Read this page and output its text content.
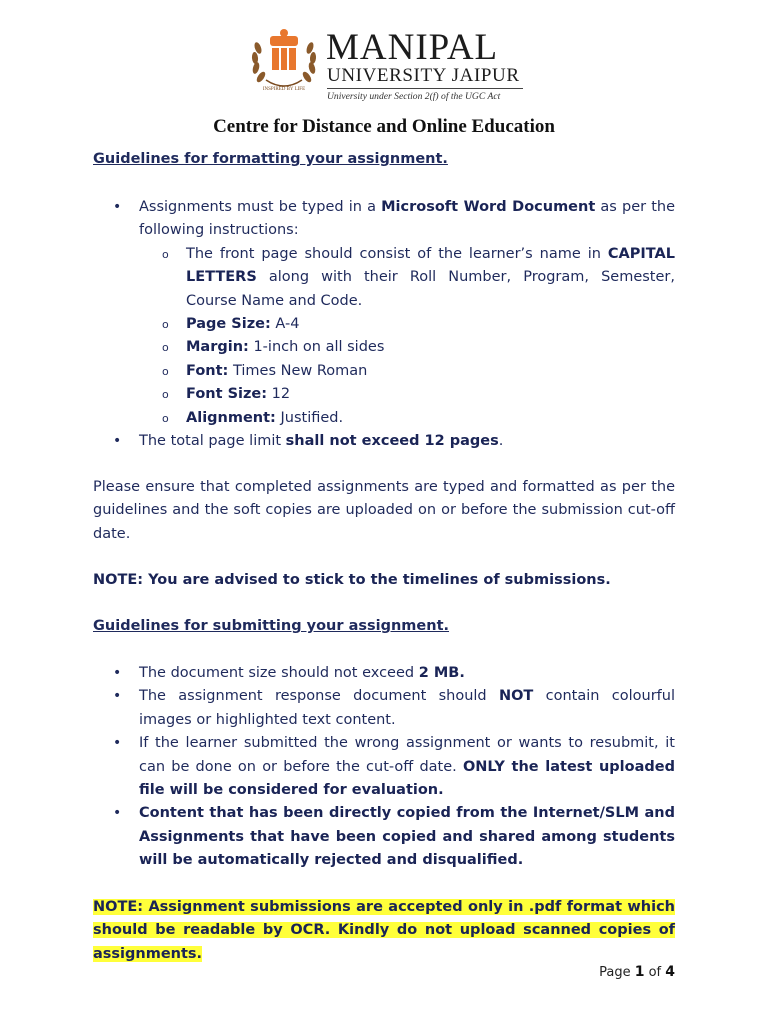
INSPIRED BY LIFE
MANIPAL
UNIVERSITY JAIPUR
University under Section 2(f) of the UGC Act
Centre for Distance and Online Education
Guidelines for formatting your assignment.
• Assignments must be typed in a Microsoft Word Document as per the following instructions:
o The front page should consist of the learner’s name in CAPITAL LETTERS along with their Roll Number, Program, Semester, Course Name and Code.
o Page Size: A-4
o Margin: 1-inch on all sides
o Font: Times New Roman
o Font Size: 12
o Alignment: Justified.
• The total page limit shall not exceed 12 pages.
Please ensure that completed assignments are typed and formatted as per the guidelines and the soft copies are uploaded on or before the submission cut-off date.
NOTE: You are advised to stick to the timelines of submissions.
Guidelines for submitting your assignment.
• The document size should not exceed 2 MB.
• The assignment response document should NOT contain colourful images or highlighted text content.
• If the learner submitted the wrong assignment or wants to resubmit, it can be done on or before the cut-off date. ONLY the latest uploaded file will be considered for evaluation.
• Content that has been directly copied from the Internet/SLM and Assignments that have been copied and shared among students will be automatically rejected and disqualified.
NOTE: Assignment submissions are accepted only in .pdf format which should be readable by OCR. Kindly do not upload scanned copies of assignments.
Page 1 of 4
